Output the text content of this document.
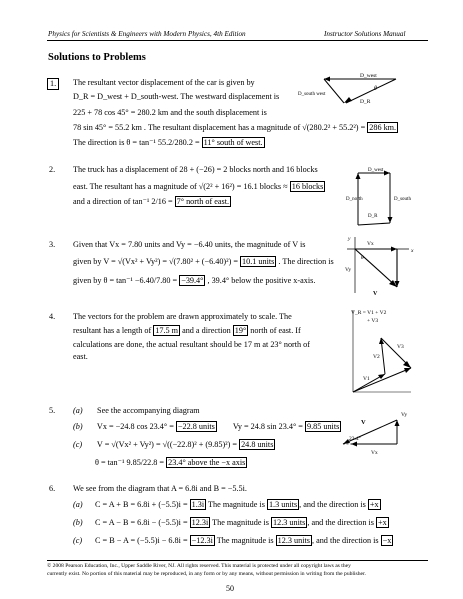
Physics for Scientists & Engineers with Modern Physics, 4th Edition	Instructor Solutions Manual
Solutions to Problems
1.	The resultant vector displacement of the car is given by
D_R = D_west + D_south-west. The westward displacement is
225 + 78 cos 45° = 280.2 km and the south displacement is
78 sin 45° = 55.2 km . The resultant displacement has a magnitude of √(280.2² + 55.2²) = 286 km.
The direction is θ = tan⁻¹ 55.2/280.2 = 11° south of west.
D_west
D_south west
θ
D_R
2. The truck has a displacement of 28 + (−26) = 2 blocks north and 16 blocks
east. The resultant has a magnitude of √(2² + 16²) = 16.1 blocks ≈ 16 blocks
and a direction of tan⁻¹ 2/16 = 7° north of east.
D_west
D_north	D_south
D_R
3. Given that Vx = 7.80 units and Vy = −6.40 units, the magnitude of V is
given by V = √(Vx² + Vy²) = √(7.80² + (−6.40)²) = 10.1 units . The direction is
given by θ = tan⁻¹ −6.40/7.80 = −39.4° , 39.4° below the positive x-axis.
y
Vx
x
Vy
V
θ
4. The vectors for the problem are drawn approximately to scale. The
resultant has a length of 17.5 m and a direction 19° north of east. If
calculations are done, the actual resultant should be 17 m at 23° north of
east.
V_R = V1 + V2
+ V3
V3
V2
V1
5. (a) See the accompanying diagram
(b) Vx = −24.8 cos 23.4° = −22.8 units Vy = 24.8 sin 23.4° = 9.85 units
(c) V = √(Vx² + Vy²) = √((−22.8)² + (9.85)²) = 24.8 units
θ = tan⁻¹ 9.85/22.8 = 23.4° above the −x axis
V
Vy
23.4°
Vx
6. We see from the diagram that A = 6.8i and B = −5.5i.
(a) C = A + B = 6.8i + (−5.5)i = 1.3i The magnitude is 1.3 units , and the direction is +x
(b) C = A − B = 6.8i − (−5.5)i = 12.3i The magnitude is 12.3 units , and the direction is +x
(c) C = B − A = (−5.5)i − 6.8i = −12.3i The magnitude is 12.3 units , and the direction is −x
© 2008 Pearson Education, Inc., Upper Saddle River, NJ. All rights reserved. This material is protected under all copyright laws as they
currently exist. No portion of this material may be reproduced, in any form or by any means, without permission in writing from the publisher.
50
